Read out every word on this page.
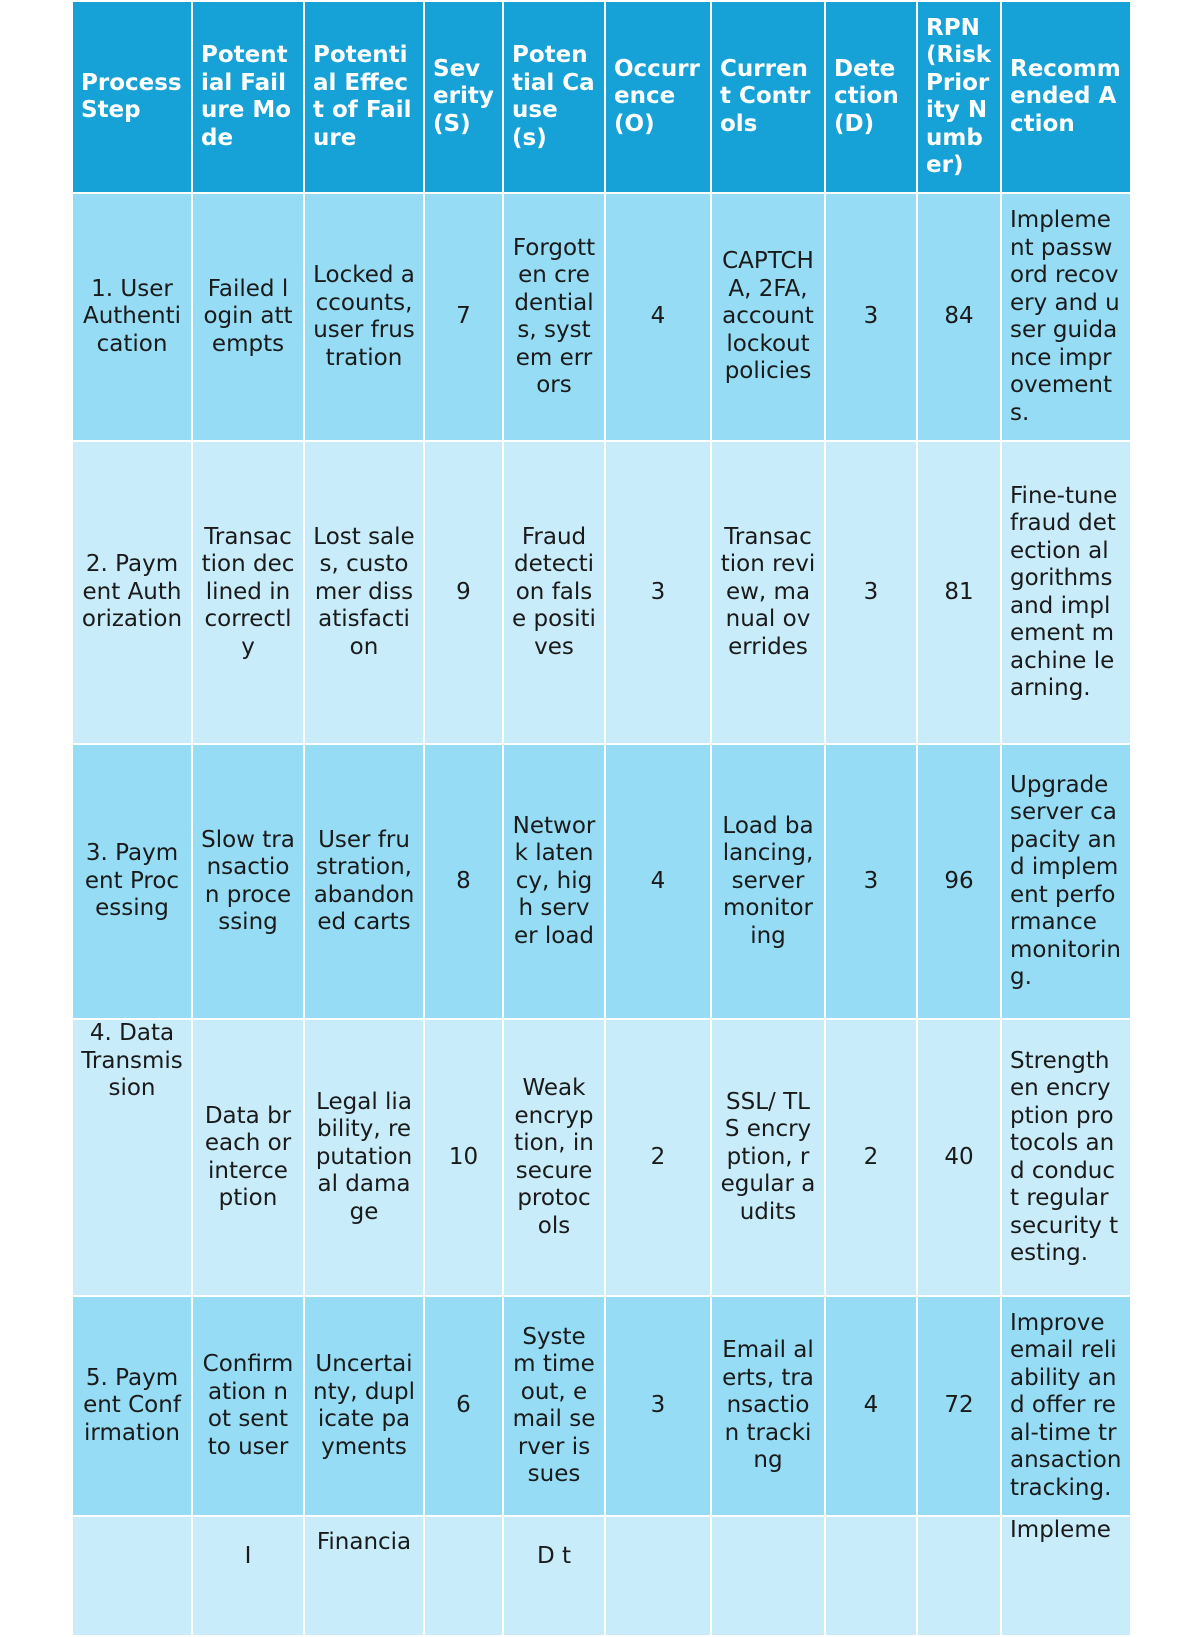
Process Step	Potential Failure Mode	Potential Effect of Failure	Severity (S)	Potential Cause (s)	Occurrence (O)	Current Controls	Detection (D)	RPN (Risk Priority Number)	Recommended Action
1. User Authentication	Failed login attempts	Locked accounts, user frustration	7	Forgotten credentials, system errors	4	CAPTCHA, 2FA, account lockout policies	3	84	Implement password recovery and user guidance improvements.
2. Payment Authorization	Transaction declined incorrectly	Lost sales, customer dissatisfaction	9	Fraud detection false positives	3	Transaction review, manual overrides	3	81	Fine-tune fraud detection algorithms and implement machine learning.
3. Payment Processing	Slow transaction processing	User frustration, abandoned carts	8	Network latency, high server load	4	Load balancing, server monitoring	3	96	Upgrade server capacity and implement performance monitoring.
4. Data Transmission	Data breach or interception	Legal liability, reputational damage	10	Weak encryption, insecure protocols	2	SSL/ TLS encryption, regular audits	2	40	Strengthen encryption protocols and conduct regular security testing.
5. Payment Confirmation	Confirmation not sent to user	Uncertainty, duplicate payments	6	System timeout, email server issues	3	Email alerts, transaction tracking	4	72	Improve email reliability and offer real-time transaction tracking.
	I	Financia		D t					Impleme
